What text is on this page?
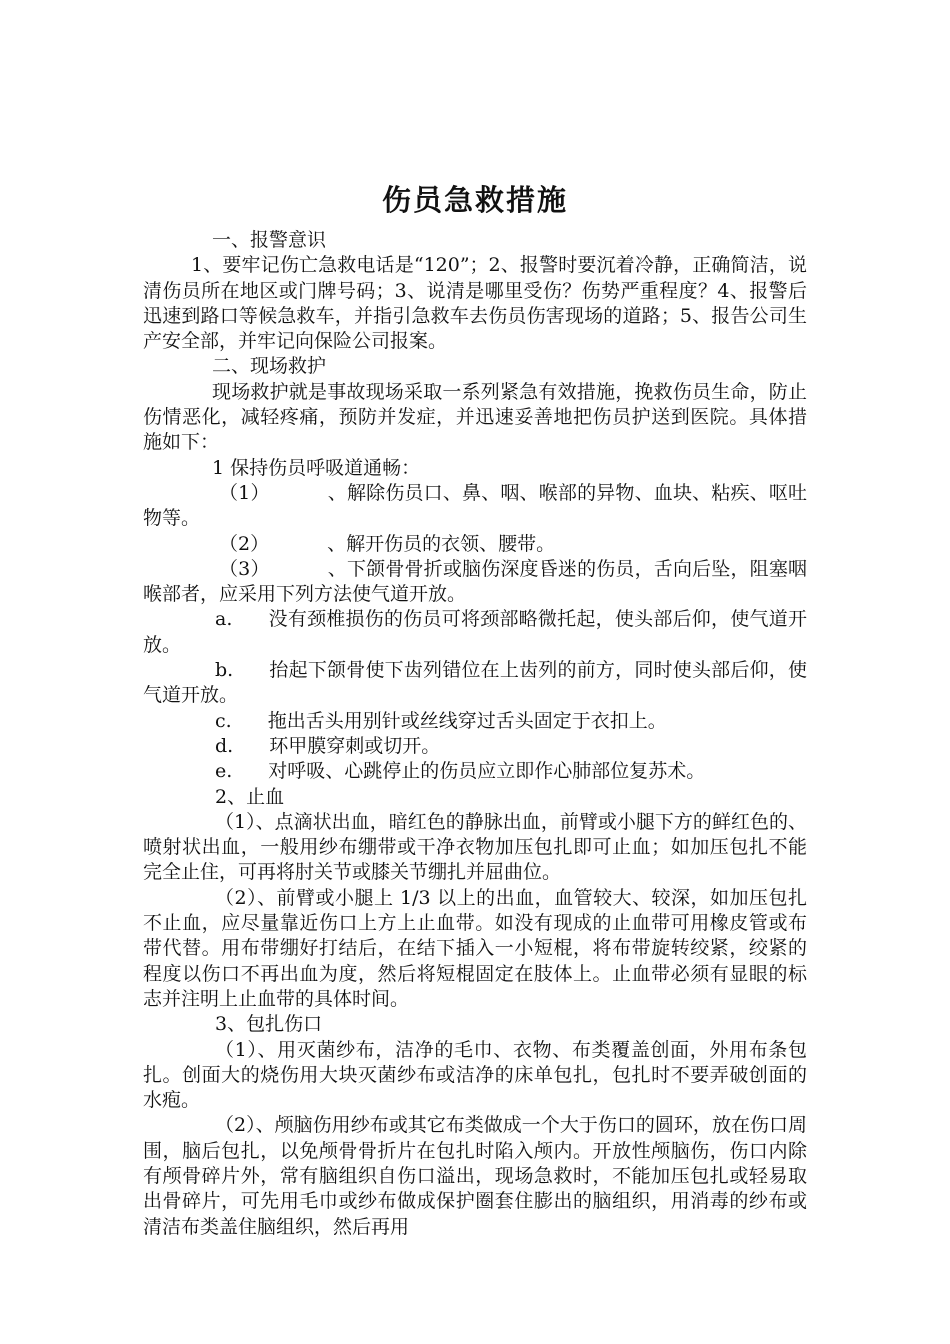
伤员急救措施

一、报警意识

1、要牢记伤亡急救电话是“120”；2、报警时要沉着冷静，正确简洁，说清伤员所在地区或门牌号码；3、说清是哪里受伤？伤势严重程度？4、报警后迅速到路口等候急救车，并指引急救车去伤员伤害现场的道路；5、报告公司生产安全部，并牢记向保险公司报案。

二、现场救护

现场救护就是事故现场采取一系列紧急有效措施，挽救伤员生命，防止伤情恶化，减轻疼痛，预防并发症，并迅速妥善地把伤员护送到医院。具体措施如下：

1 保持伤员呼吸道通畅：

（1）	、解除伤员口、鼻、咽、喉部的异物、血块、粘疾、呕吐物等。

（2）	、解开伤员的衣领、腰带。

（3）	、下颌骨骨折或脑伤深度昏迷的伤员，舌向后坠，阻塞咽喉部者，应采用下列方法使气道开放。

a. 没有颈椎损伤的伤员可将颈部略微托起，使头部后仰，使气道开放。

b. 抬起下颌骨使下齿列错位在上齿列的前方，同时使头部后仰，使气道开放。

c. 拖出舌头用别针或丝线穿过舌头固定于衣扣上。

d. 环甲膜穿刺或切开。

e. 对呼吸、心跳停止的伤员应立即作心肺部位复苏术。

2、止血

（1）、点滴状出血，暗红色的静脉出血，前臂或小腿下方的鲜红色的、喷射状出血，一般用纱布绷带或干净衣物加压包扎即可止血；如加压包扎不能完全止住，可再将肘关节或膝关节绷扎并屈曲位。

（2）、前臂或小腿上 1/3 以上的出血，血管较大、较深，如加压包扎不止血，应尽量靠近伤口上方上止血带。如没有现成的止血带可用橡皮管或布带代替。用布带绷好打结后，在结下插入一小短棍，将布带旋转绞紧，绞紧的程度以伤口不再出血为度，然后将短棍固定在肢体上。止血带必须有显眼的标志并注明上止血带的具体时间。

3、包扎伤口

（1）、用灭菌纱布，洁净的毛巾、衣物、布类覆盖创面，外用布条包扎。创面大的烧伤用大块灭菌纱布或洁净的床单包扎，包扎时不要弄破创面的水疱。

（2）、颅脑伤用纱布或其它布类做成一个大于伤口的圆环，放在伤口周围，脑后包扎，以免颅骨骨折片在包扎时陷入颅内。开放性颅脑伤，伤口内除有颅骨碎片外，常有脑组织自伤口溢出，现场急救时，不能加压包扎或轻易取出骨碎片，可先用毛巾或纱布做成保护圈套住膨出的脑组织，用消毒的纱布或清洁布类盖住脑组织，然后再用
